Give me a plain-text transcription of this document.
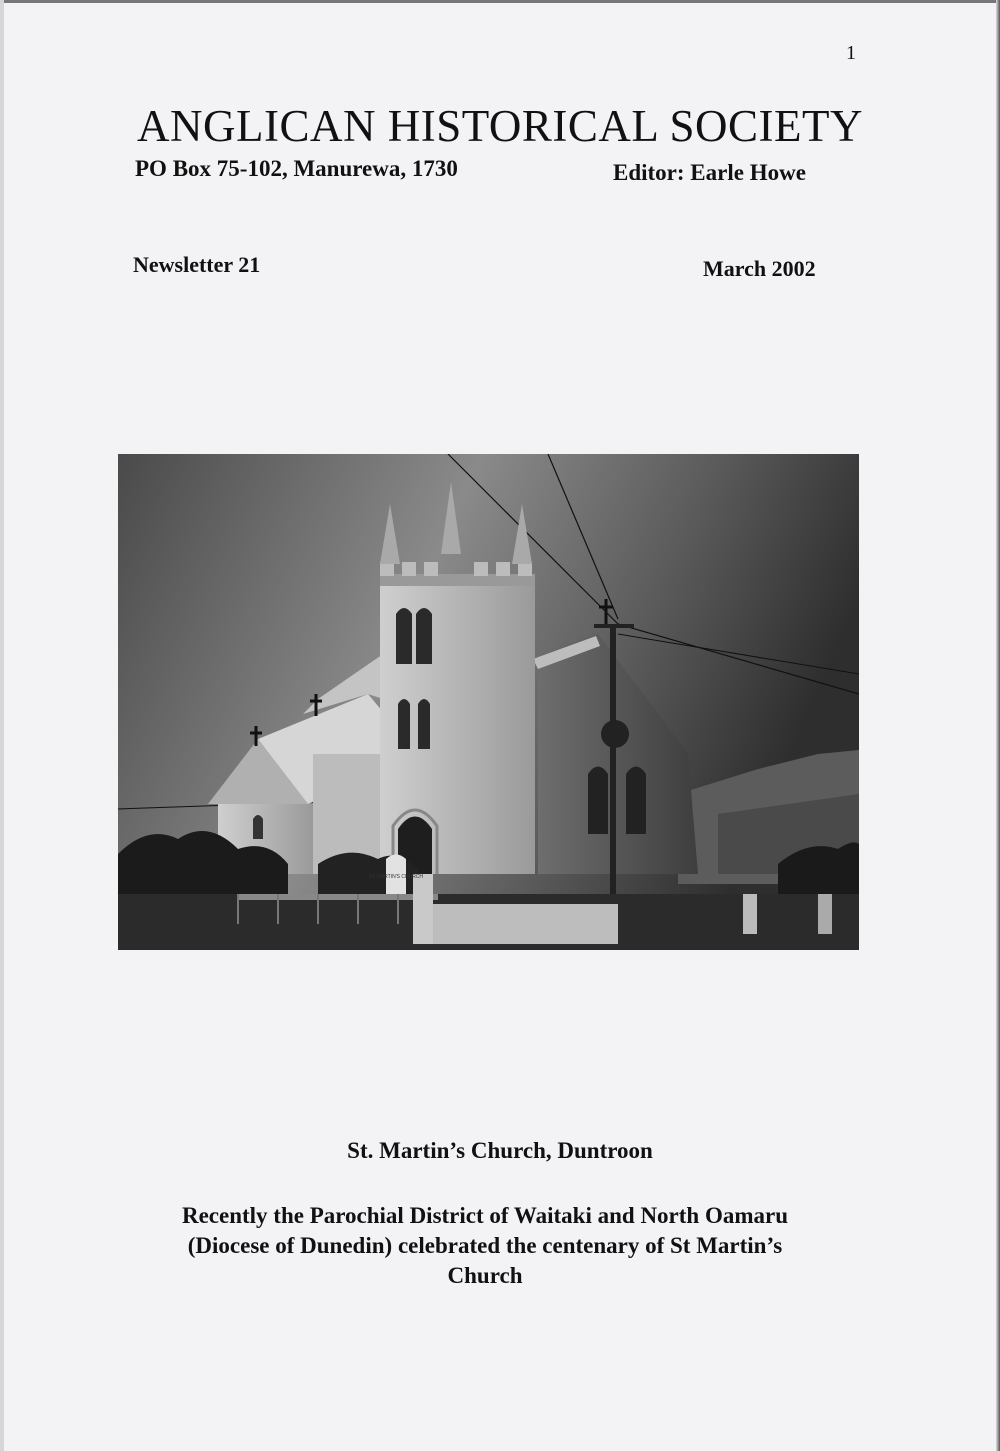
1
ANGLICAN HISTORICAL SOCIETY
PO Box 75-102, Manurewa, 1730	Editor: Earle Howe
Newsletter 21	March 2002
ST MARTIN'S CHURCH
St. Martin’s Church, Duntroon
Recently the Parochial District of Waitaki and North Oamaru (Diocese of Dunedin) celebrated the centenary of St Martin’s Church
